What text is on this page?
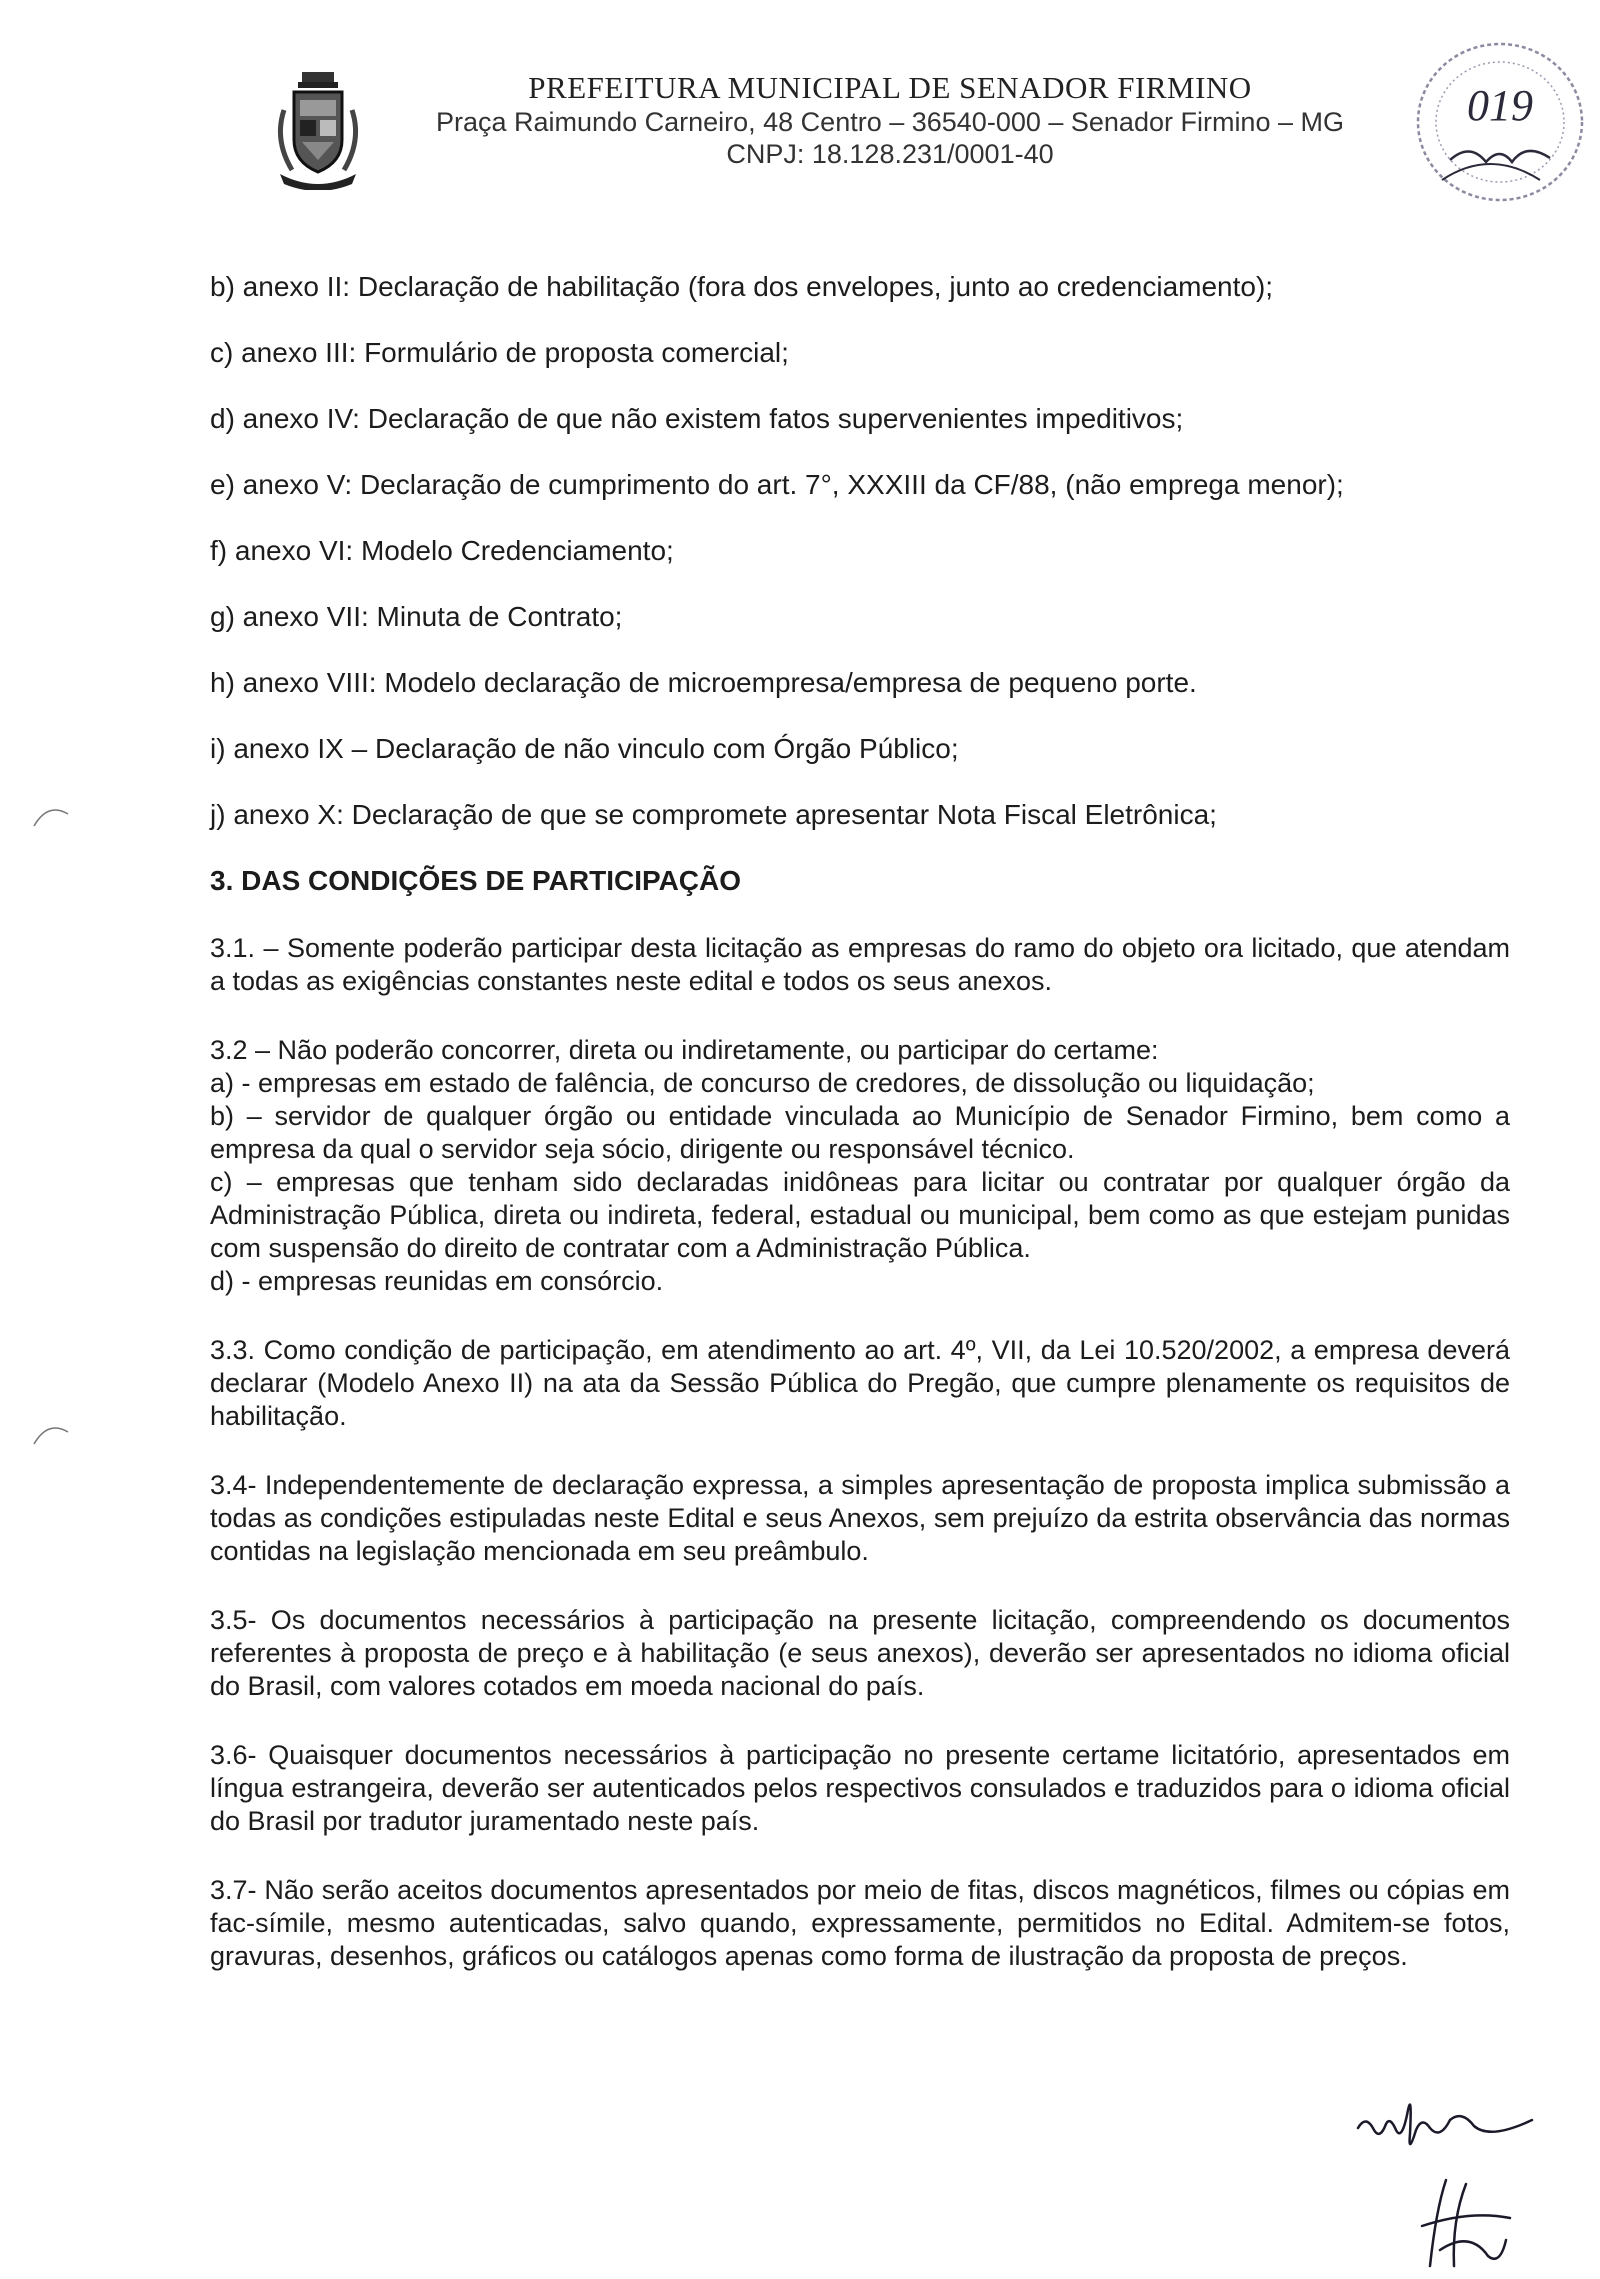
PREFEITURA MUNICIPAL DE SENADOR FIRMINO
Praça Raimundo Carneiro, 48 Centro – 36540-000 – Senador Firmino – MG
CNPJ: 18.128.231/0001-40
019
b) anexo II: Declaração de habilitação (fora dos envelopes, junto ao credenciamento);
c) anexo III: Formulário de proposta comercial;
d) anexo IV: Declaração de que não existem fatos supervenientes impeditivos;
e) anexo V: Declaração de cumprimento do art. 7°, XXXIII da CF/88, (não emprega menor);
f) anexo VI: Modelo Credenciamento;
g) anexo VII: Minuta de Contrato;
h) anexo VIII: Modelo declaração de microempresa/empresa de pequeno porte.
i) anexo IX – Declaração de não vinculo com Órgão Público;
j) anexo X: Declaração de que se compromete apresentar Nota Fiscal Eletrônica;
3. DAS CONDIÇÕES DE PARTICIPAÇÃO
3.1. – Somente poderão participar desta licitação as empresas do ramo do objeto ora licitado, que atendam a todas as exigências constantes neste edital e todos os seus anexos.
3.2 – Não poderão concorrer, direta ou indiretamente, ou participar do certame:
a) - empresas em estado de falência, de concurso de credores, de dissolução ou liquidação;
b) – servidor de qualquer órgão ou entidade vinculada ao Município de Senador Firmino, bem como a empresa da qual o servidor seja sócio, dirigente ou responsável técnico.
c) – empresas que tenham sido declaradas inidôneas para licitar ou contratar por qualquer órgão da Administração Pública, direta ou indireta, federal, estadual ou municipal, bem como as que estejam punidas com suspensão do direito de contratar com a Administração Pública.
d) - empresas reunidas em consórcio.
3.3. Como condição de participação, em atendimento ao art. 4º, VII, da Lei 10.520/2002, a empresa deverá declarar (Modelo Anexo II) na ata da Sessão Pública do Pregão, que cumpre plenamente os requisitos de habilitação.
3.4- Independentemente de declaração expressa, a simples apresentação de proposta implica submissão a todas as condições estipuladas neste Edital e seus Anexos, sem prejuízo da estrita observância das normas contidas na legislação mencionada em seu preâmbulo.
3.5- Os documentos necessários à participação na presente licitação, compreendendo os documentos referentes à proposta de preço e à habilitação (e seus anexos), deverão ser apresentados no idioma oficial do Brasil, com valores cotados em moeda nacional do país.
3.6- Quaisquer documentos necessários à participação no presente certame licitatório, apresentados em língua estrangeira, deverão ser autenticados pelos respectivos consulados e traduzidos para o idioma oficial do Brasil por tradutor juramentado neste país.
3.7- Não serão aceitos documentos apresentados por meio de fitas, discos magnéticos, filmes ou cópias em fac-símile, mesmo autenticadas, salvo quando, expressamente, permitidos no Edital. Admitem-se fotos, gravuras, desenhos, gráficos ou catálogos apenas como forma de ilustração da proposta de preços.
